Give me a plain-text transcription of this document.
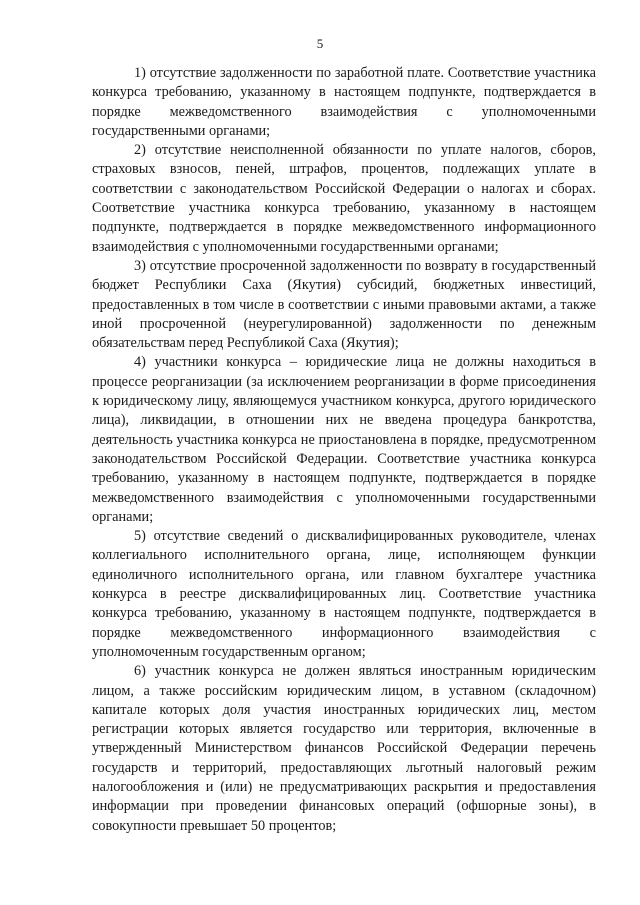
5

1) отсутствие задолженности по заработной плате. Соответствие участника конкурса требованию, указанному в настоящем подпункте, подтверждается в порядке межведомственного взаимодействия с уполномоченными государственными органами;

2) отсутствие неисполненной обязанности по уплате налогов, сборов, страховых взносов, пеней, штрафов, процентов, подлежащих уплате в соответствии с законодательством Российской Федерации о налогах и сборах. Соответствие участника конкурса требованию, указанному в настоящем подпункте, подтверждается в порядке межведомственного информационного взаимодействия с уполномоченными государственными органами;

3) отсутствие просроченной задолженности по возврату в государственный бюджет Республики Саха (Якутия) субсидий, бюджетных инвестиций, предоставленных в том числе в соответствии с иными правовыми актами, а также иной просроченной (неурегулированной) задолженности по денежным обязательствам перед Республикой Саха (Якутия);

4) участники конкурса – юридические лица не должны находиться в процессе реорганизации (за исключением реорганизации в форме присоединения к юридическому лицу, являющемуся участником конкурса, другого юридического лица), ликвидации, в отношении них не введена процедура банкротства, деятельность участника конкурса не приостановлена в порядке, предусмотренном законодательством Российской Федерации. Соответствие участника конкурса требованию, указанному в настоящем подпункте, подтверждается в порядке межведомственного взаимодействия с уполномоченными государственными органами;

5) отсутствие сведений о дисквалифицированных руководителе, членах коллегиального исполнительного органа, лице, исполняющем функции единоличного исполнительного органа, или главном бухгалтере участника конкурса в реестре дисквалифицированных лиц. Соответствие участника конкурса требованию, указанному в настоящем подпункте, подтверждается в порядке межведомственного информационного взаимодействия с уполномоченным государственным органом;

6) участник конкурса не должен являться иностранным юридическим лицом, а также российским юридическим лицом, в уставном (складочном) капитале которых доля участия иностранных юридических лиц, местом регистрации которых является государство или территория, включенные в утвержденный Министерством финансов Российской Федерации перечень государств и территорий, предоставляющих льготный налоговый режим налогообложения и (или) не предусматривающих раскрытия и предоставления информации при проведении финансовых операций (офшорные зоны), в совокупности превышает 50 процентов;
